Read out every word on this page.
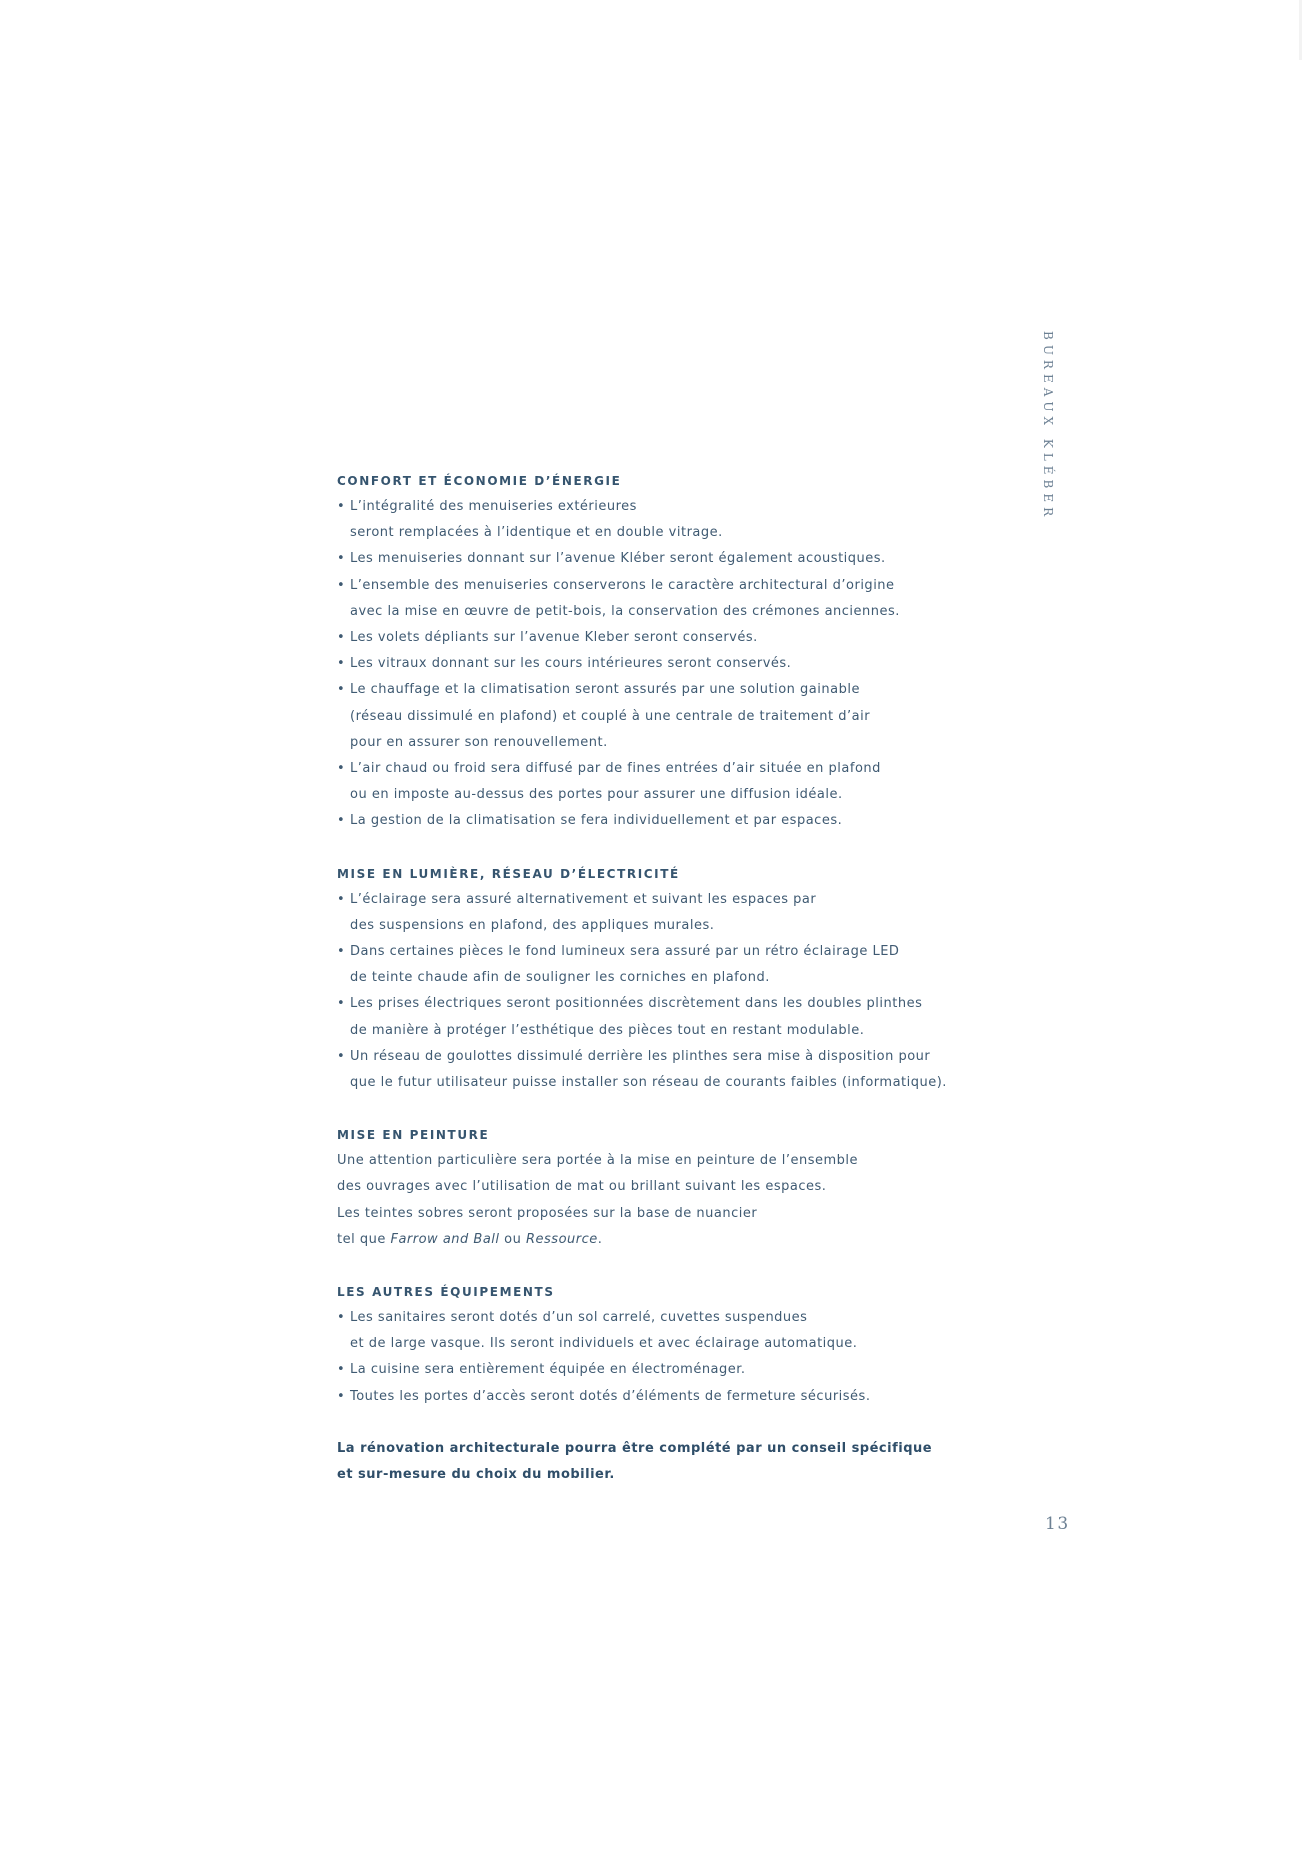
BUREAUX KLÉBER

CONFORT ET ÉCONOMIE D’ÉNERGIE

• L’intégralité des menuiseries extérieures

seront remplacées à l’identique et en double vitrage.

• Les menuiseries donnant sur l’avenue Kléber seront également acoustiques.

• L’ensemble des menuiseries conserverons le caractère architectural d’origine

avec la mise en œuvre de petit-bois, la conservation des crémones anciennes.

• Les volets dépliants sur l’avenue Kleber seront conservés.

• Les vitraux donnant sur les cours intérieures seront conservés.

• Le chauffage et la climatisation seront assurés par une solution gainable

(réseau dissimulé en plafond) et couplé à une centrale de traitement d’air

pour en assurer son renouvellement.

• L’air chaud ou froid sera diffusé par de fines entrées d’air située en plafond

ou en imposte au-dessus des portes pour assurer une diffusion idéale.

• La gestion de la climatisation se fera individuellement et par espaces.

MISE EN LUMIÈRE, RÉSEAU D’ÉLECTRICITÉ

• L’éclairage sera assuré alternativement et suivant les espaces par

des suspensions en plafond, des appliques murales.

• Dans certaines pièces le fond lumineux sera assuré par un rétro éclairage LED

de teinte chaude afin de souligner les corniches en plafond.

• Les prises électriques seront positionnées discrètement dans les doubles plinthes

de manière à protéger l’esthétique des pièces tout en restant modulable.

• Un réseau de goulottes dissimulé derrière les plinthes sera mise à disposition pour

que le futur utilisateur puisse installer son réseau de courants faibles (informatique).

MISE EN PEINTURE

Une attention particulière sera portée à la mise en peinture de l’ensemble

des ouvrages avec l’utilisation de mat ou brillant suivant les espaces.

Les teintes sobres seront proposées sur la base de nuancier

tel que Farrow and Ball ou Ressource.

LES AUTRES ÉQUIPEMENTS

• Les sanitaires seront dotés d’un sol carrelé, cuvettes suspendues

et de large vasque. Ils seront individuels et avec éclairage automatique.

• La cuisine sera entièrement équipée en électroménager.

• Toutes les portes d’accès seront dotés d’éléments de fermeture sécurisés.

La rénovation architecturale pourra être complété par un conseil spécifique

et sur-mesure du choix du mobilier.

13
